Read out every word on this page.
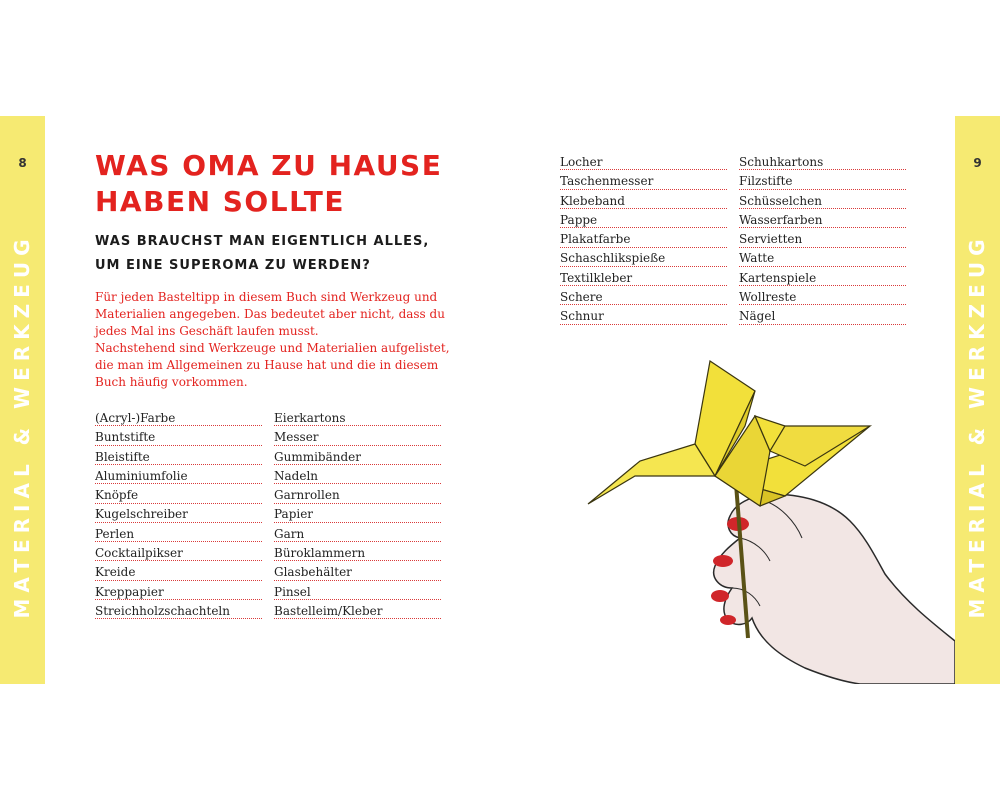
8
MATERIAL & WERKZEUG
9
MATERIAL & WERKZEUG
WAS OMA ZU HAUSE HABEN SOLLTE
WAS BRAUCHST MAN EIGENTLICH ALLES, UM EINE SUPEROMA ZU WERDEN?

Für jeden Basteltipp in diesem Buch sind Werkzeug und Materialien angegeben. Das bedeutet aber nicht, dass du jedes Mal ins Geschäft laufen musst.

Nachstehend sind Werkzeuge und Materialien aufgelistet, die man im Allgemeinen zu Hause hat und die in diesem Buch häufig vorkommen.

(Acryl-)Farbe
Buntstifte
Bleistifte
Aluminiumfolie
Knöpfe
Kugelschreiber
Perlen
Cocktailpikser
Kreide
Kreppapier
Streichholzschachteln
Eierkartons
Messer
Gummibänder
Nadeln
Garnrollen
Papier
Garn
Büroklammern
Glasbehälter
Pinsel
Bastelleim/Kleber
Locher
Taschenmesser
Klebeband
Pappe
Plakatfarbe
Schaschlikspieße
Textilkleber
Schere
Schnur
Schuhkartons
Filzstifte
Schüsselchen
Wasserfarben
Servietten
Watte
Kartenspiele
Wollreste
Nägel
